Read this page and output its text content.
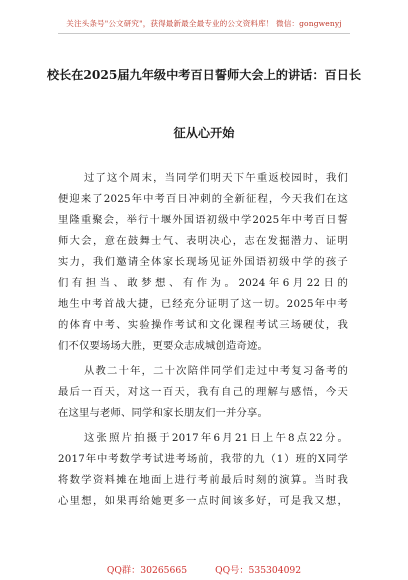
关注头条号"公文研究"，获得最新最全最专业的公文资料库！ 微信：gongwenyj
校长在2025届九年级中考百日誓师大会上的讲话：百日长
征从心开始
过了这个周末，当同学们明天下午重返校园时，我们
便迎来了2025年中考百日冲刺的全新征程，今天我们在这
里隆重聚会，举行十堰外国语初级中学2025年中考百日誓
师大会，意在鼓舞士气、表明决心，志在发掘潜力、证明
实力，我们邀请全体家长现场见证外国语初级中学的孩子
们有担当、敢梦想、有作为。2024年6月22日的
地生中考首战大捷，已经充分证明了这一切。2025年中考
的体育中考、实验操作考试和文化课程考试三场硬仗，我
们不仅要场场大胜，更要众志成城创造奇迹。
从教二十年，二十次陪伴同学们走过中考复习备考的
最后一百天，对这一百天，我有自己的理解与感悟，今天
在这里与老师、同学和家长朋友们一并分享。
这张照片拍摄于2017年6月21日上午8点22分。
2017年中考数学考试进考场前，我带的九（1）班的X同学
将数学资料摊在地面上进行考前最后时刻的演算。当时我
心里想，如果再给她更多一点时间该多好，可是我又想，
QQ群：30265665	QQ号：535304092
